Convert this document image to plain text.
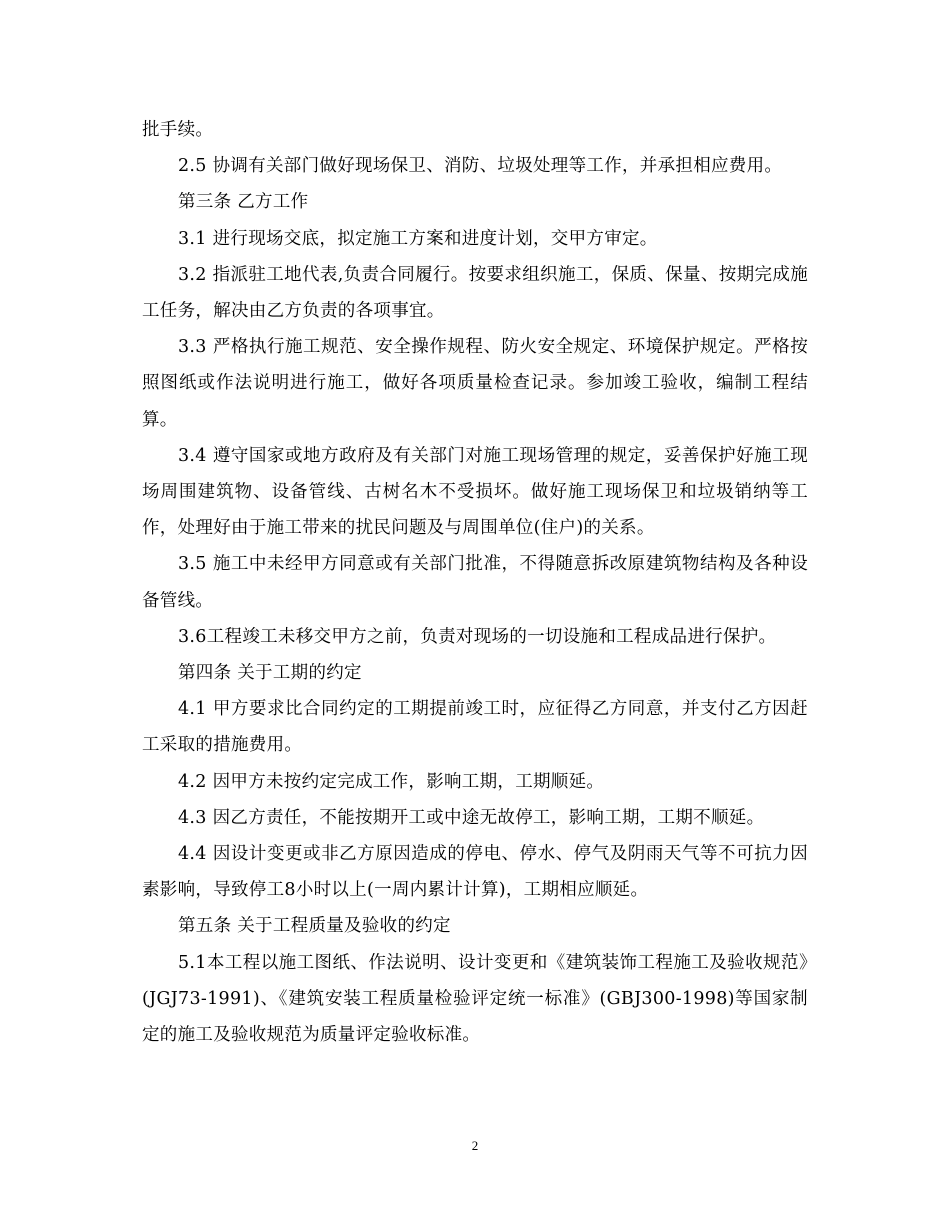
批手续。

2.5 协调有关部门做好现场保卫、消防、垃圾处理等工作，并承担相应费用。

第三条 乙方工作

3.1 进行现场交底，拟定施工方案和进度计划，交甲方审定。

3.2 指派驻工地代表,负责合同履行。按要求组织施工，保质、保量、按期完成施工任务，解决由乙方负责的各项事宜。

3.3 严格执行施工规范、安全操作规程、防火安全规定、环境保护规定。严格按照图纸或作法说明进行施工，做好各项质量检查记录。参加竣工验收，编制工程结算。

3.4 遵守国家或地方政府及有关部门对施工现场管理的规定，妥善保护好施工现场周围建筑物、设备管线、古树名木不受损坏。做好施工现场保卫和垃圾销纳等工作，处理好由于施工带来的扰民问题及与周围单位(住户)的关系。

3.5 施工中未经甲方同意或有关部门批准，不得随意拆改原建筑物结构及各种设备管线。

3.6工程竣工未移交甲方之前，负责对现场的一切设施和工程成品进行保护。

第四条 关于工期的约定

4.1 甲方要求比合同约定的工期提前竣工时，应征得乙方同意，并支付乙方因赶工采取的措施费用。

4.2 因甲方未按约定完成工作，影响工期，工期顺延。

4.3 因乙方责任，不能按期开工或中途无故停工，影响工期，工期不顺延。

4.4 因设计变更或非乙方原因造成的停电、停水、停气及阴雨天气等不可抗力因素影响，导致停工8小时以上(一周内累计计算)，工期相应顺延。

第五条 关于工程质量及验收的约定

5.1本工程以施工图纸、作法说明、设计变更和《建筑装饰工程施工及验收规范》(JGJ73-1991)、《建筑安装工程质量检验评定统一标准》(GBJ300-1998)等国家制定的施工及验收规范为质量评定验收标准。

2
